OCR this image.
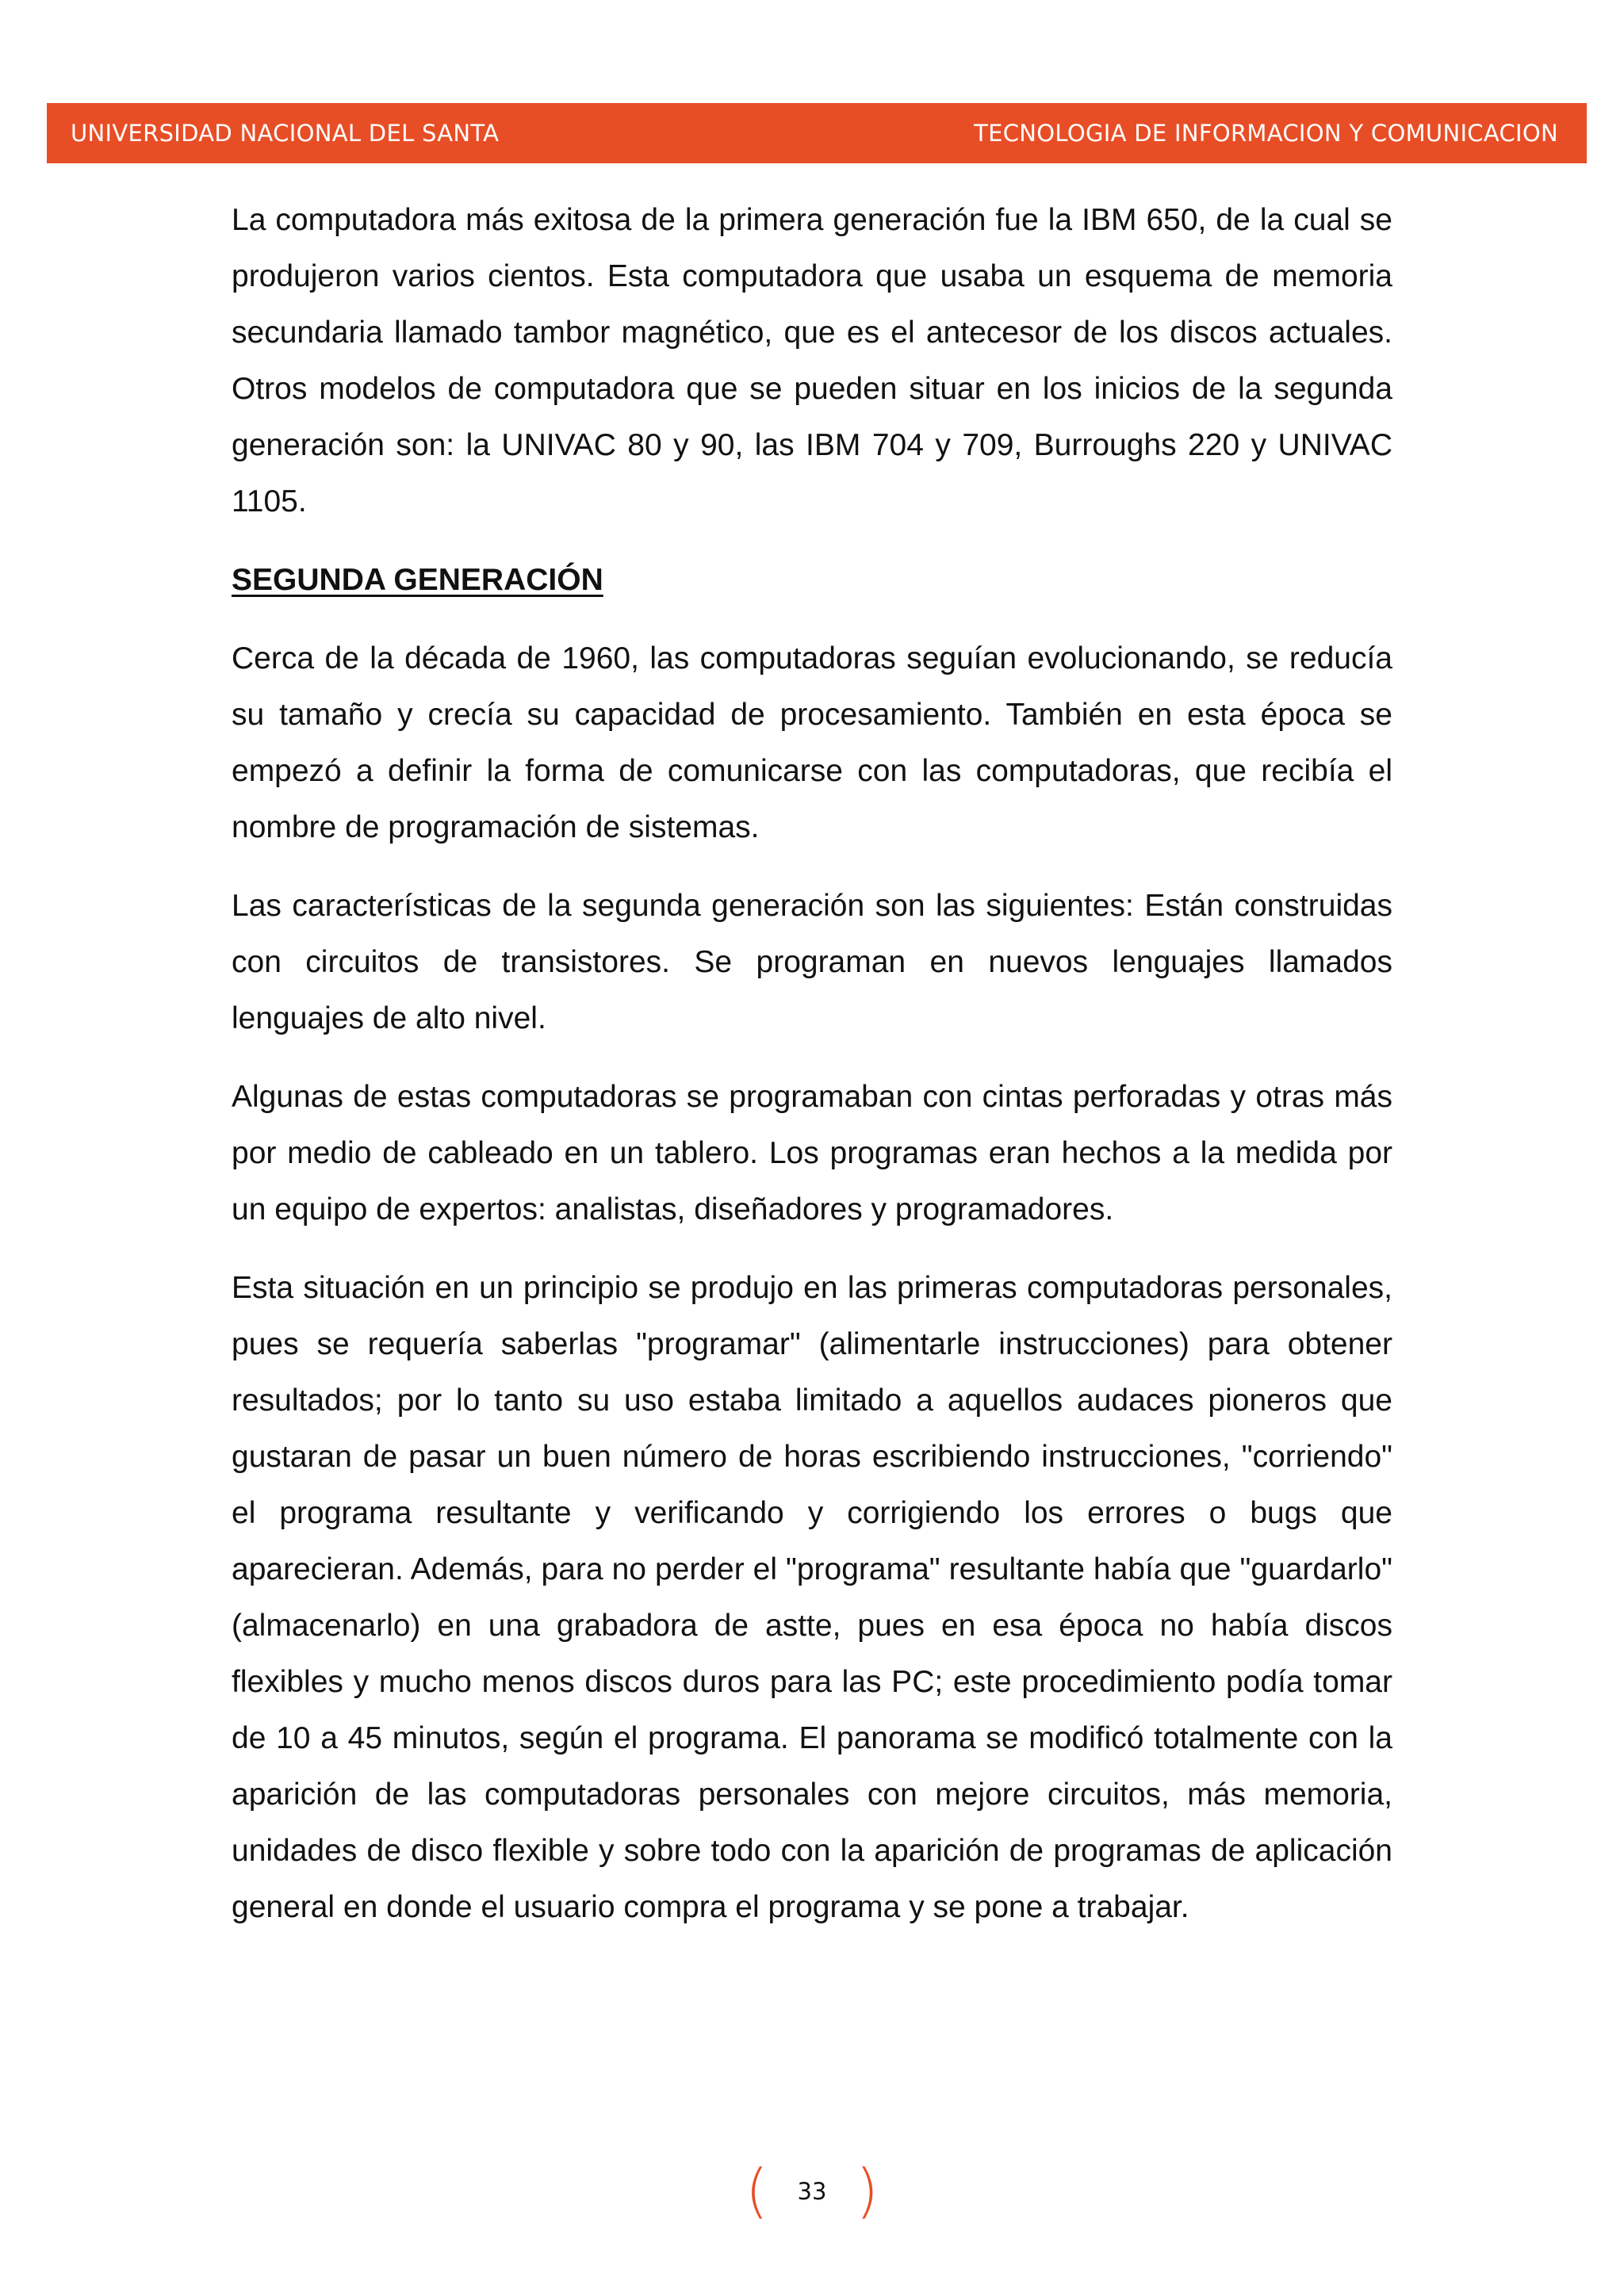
UNIVERSIDAD NACIONAL DEL SANTA	TECNOLOGIA DE INFORMACION Y COMUNICACION

La computadora más exitosa de la primera generación fue la IBM 650, de la cual se produjeron varios cientos. Esta computadora que usaba un esquema de memoria secundaria llamado tambor magnético, que es el antecesor de los discos actuales. Otros modelos de computadora que se pueden situar en los inicios de la segunda generación son: la UNIVAC 80 y 90, las IBM 704 y 709, Burroughs 220 y UNIVAC 1105.

SEGUNDA GENERACIÓN

Cerca de la década de 1960, las computadoras seguían evolucionando, se reducía su tamaño y crecía su capacidad de procesamiento. También en esta época se empezó a definir la forma de comunicarse con las computadoras, que recibía el nombre de programación de sistemas.

Las características de la segunda generación son las siguientes: Están construidas con circuitos de transistores. Se programan en nuevos lenguajes llamados lenguajes de alto nivel.

Algunas de estas computadoras se programaban con cintas perforadas y otras más por medio de cableado en un tablero. Los programas eran hechos a la medida por un equipo de expertos: analistas, diseñadores y programadores.

Esta situación en un principio se produjo en las primeras computadoras personales, pues se requería saberlas "programar" (alimentarle instrucciones) para obtener resultados; por lo tanto su uso estaba limitado a aquellos audaces pioneros que gustaran de pasar un buen número de horas escribiendo instrucciones, "corriendo" el programa resultante y verificando y corrigiendo los errores o bugs que aparecieran. Además, para no perder el "programa" resultante había que "guardarlo" (almacenarlo) en una grabadora de astte, pues en esa época no había discos flexibles y mucho menos discos duros para las PC; este procedimiento podía tomar de 10 a 45 minutos, según el programa. El panorama se modificó totalmente con la aparición de las computadoras personales con mejore circuitos, más memoria, unidades de disco flexible y sobre todo con la aparición de programas de aplicación general en donde el usuario compra el programa y se pone a trabajar.

( 33 )
